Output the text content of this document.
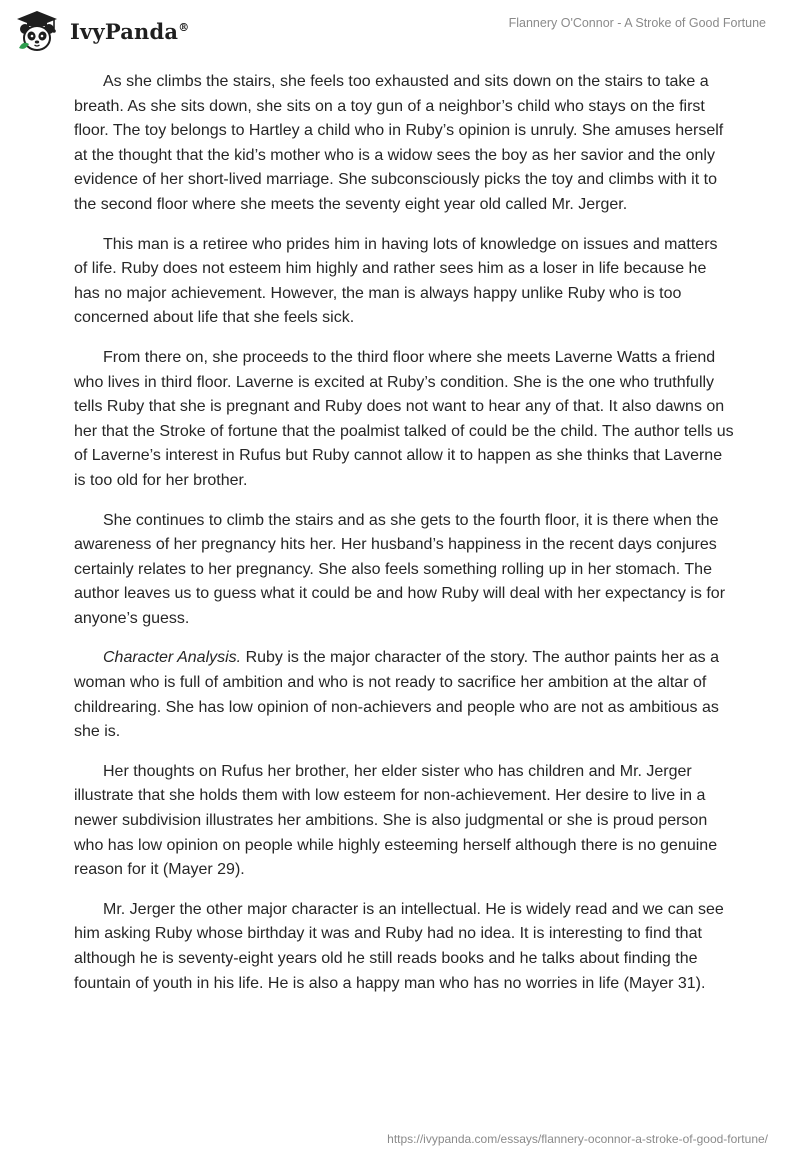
IvyPanda®	Flannery O'Connor - A Stroke of Good Fortune

As she climbs the stairs, she feels too exhausted and sits down on the stairs to take a breath. As she sits down, she sits on a toy gun of a neighbor’s child who stays on the first floor. The toy belongs to Hartley a child who in Ruby’s opinion is unruly. She amuses herself at the thought that the kid’s mother who is a widow sees the boy as her savior and the only evidence of her short-lived marriage. She subconsciously picks the toy and climbs with it to the second floor where she meets the seventy eight year old called Mr. Jerger.

This man is a retiree who prides him in having lots of knowledge on issues and matters of life. Ruby does not esteem him highly and rather sees him as a loser in life because he has no major achievement. However, the man is always happy unlike Ruby who is too concerned about life that she feels sick.

From there on, she proceeds to the third floor where she meets Laverne Watts a friend who lives in third floor. Laverne is excited at Ruby’s condition. She is the one who truthfully tells Ruby that she is pregnant and Ruby does not want to hear any of that. It also dawns on her that the Stroke of fortune that the poalmist talked of could be the child. The author tells us of Laverne’s interest in Rufus but Ruby cannot allow it to happen as she thinks that Laverne is too old for her brother.

She continues to climb the stairs and as she gets to the fourth floor, it is there when the awareness of her pregnancy hits her. Her husband’s happiness in the recent days conjures certainly relates to her pregnancy. She also feels something rolling up in her stomach. The author leaves us to guess what it could be and how Ruby will deal with her expectancy is for anyone’s guess.

Character Analysis. Ruby is the major character of the story. The author paints her as a woman who is full of ambition and who is not ready to sacrifice her ambition at the altar of childrearing. She has low opinion of non-achievers and people who are not as ambitious as she is.

Her thoughts on Rufus her brother, her elder sister who has children and Mr. Jerger illustrate that she holds them with low esteem for non-achievement. Her desire to live in a newer subdivision illustrates her ambitions. She is also judgmental or she is proud person who has low opinion on people while highly esteeming herself although there is no genuine reason for it (Mayer 29).

Mr. Jerger the other major character is an intellectual. He is widely read and we can see him asking Ruby whose birthday it was and Ruby had no idea. It is interesting to find that although he is seventy-eight years old he still reads books and he talks about finding the fountain of youth in his life. He is also a happy man who has no worries in life (Mayer 31).

https://ivypanda.com/essays/flannery-oconnor-a-stroke-of-good-fortune/
